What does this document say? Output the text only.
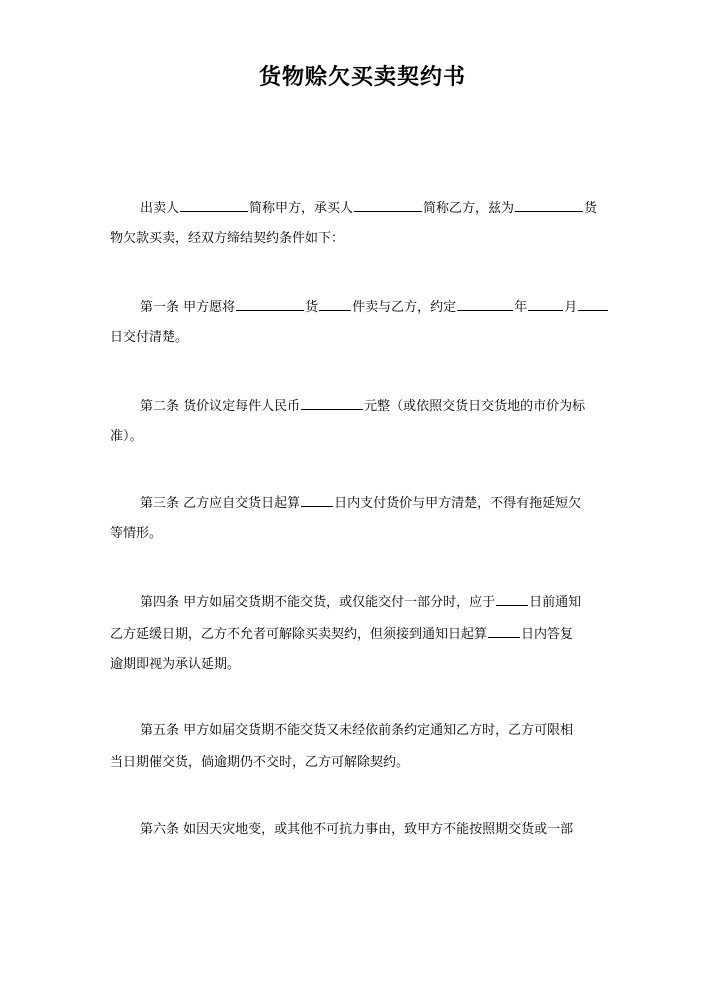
货物赊欠买卖契约书
出卖人	简称甲方，承买人	简称乙方，兹为	货
物欠款买卖，经双方缔结契约条件如下：
第一条 甲方愿将	货	件卖与乙方，约定	年	月
日交付清楚。
第二条 货价议定每件人民币	元整（或依照交货日交货地的市价为标
准）。
第三条 乙方应自交货日起算	日内支付货价与甲方清楚，不得有拖延短欠
等情形。
第四条 甲方如届交货期不能交货，或仅能交付一部分时，应于	日前通知
乙方延缓日期，乙方不允者可解除买卖契约，但须接到通知日起算	日内答复
逾期即视为承认延期。
第五条 甲方如届交货期不能交货又未经依前条约定通知乙方时，乙方可限相
当日期催交货，倘逾期仍不交时，乙方可解除契约。
第六条 如因天灾地变，或其他不可抗力事由，致甲方不能按照期交货或一部
